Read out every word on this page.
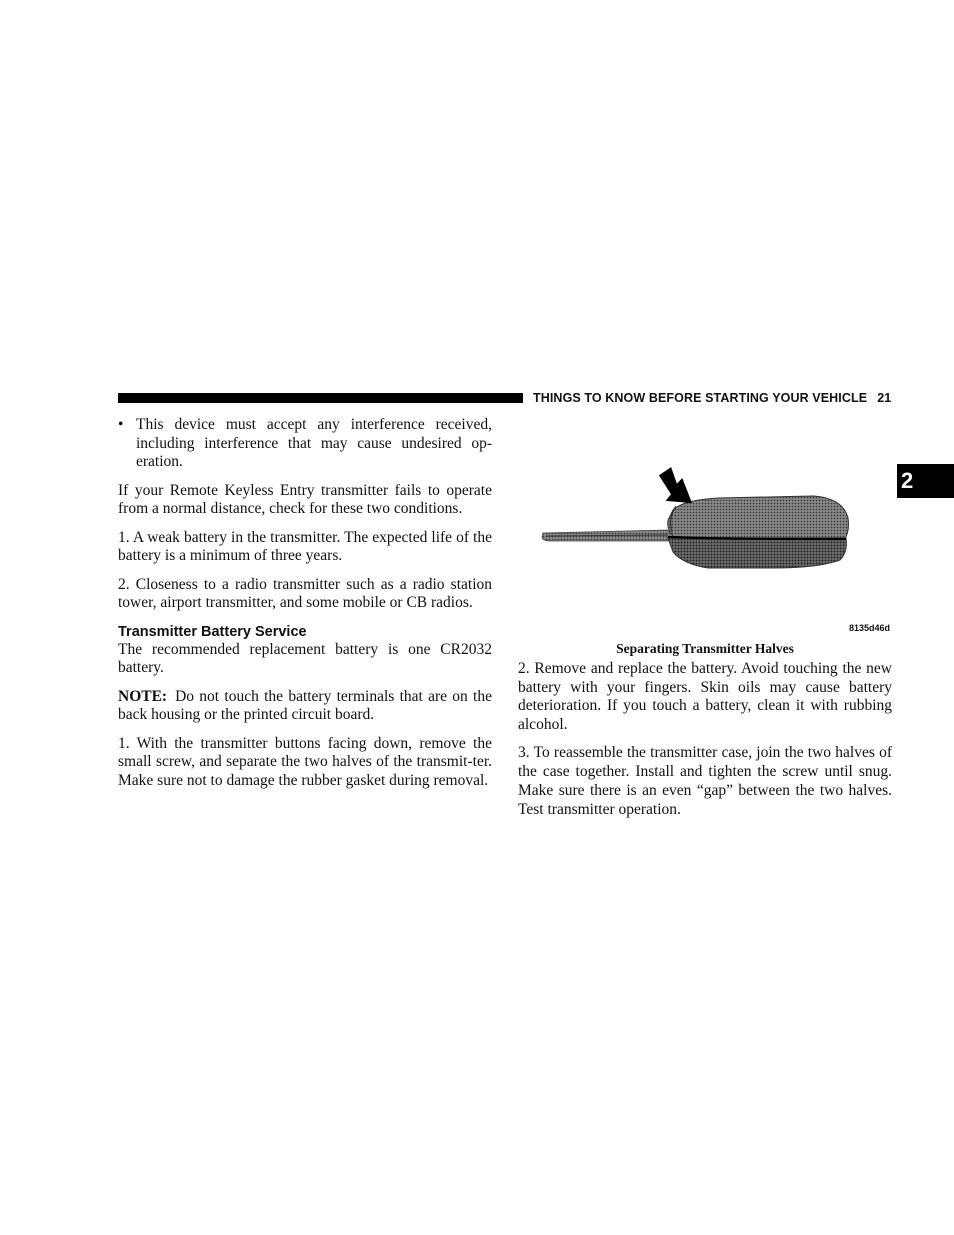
THINGS TO KNOW BEFORE STARTING YOUR VEHICLE 21
2
• This device must accept any interference received, including interference that may cause undesired op-eration.

If your Remote Keyless Entry transmitter fails to operate from a normal distance, check for these two conditions.

1. A weak battery in the transmitter. The expected life of the battery is a minimum of three years.

2. Closeness to a radio transmitter such as a radio station tower, airport transmitter, and some mobile or CB radios.

Transmitter Battery Service

The recommended replacement battery is one CR2032 battery.

NOTE: Do not touch the battery terminals that are on the back housing or the printed circuit board.

1. With the transmitter buttons facing down, remove the small screw, and separate the two halves of the transmit-ter. Make sure not to damage the rubber gasket during removal.

8135d46d
Separating Transmitter Halves

2. Remove and replace the battery. Avoid touching the new battery with your fingers. Skin oils may cause battery deterioration. If you touch a battery, clean it with rubbing alcohol.

3. To reassemble the transmitter case, join the two halves of the case together. Install and tighten the screw until snug. Make sure there is an even “gap” between the two halves. Test transmitter operation.
